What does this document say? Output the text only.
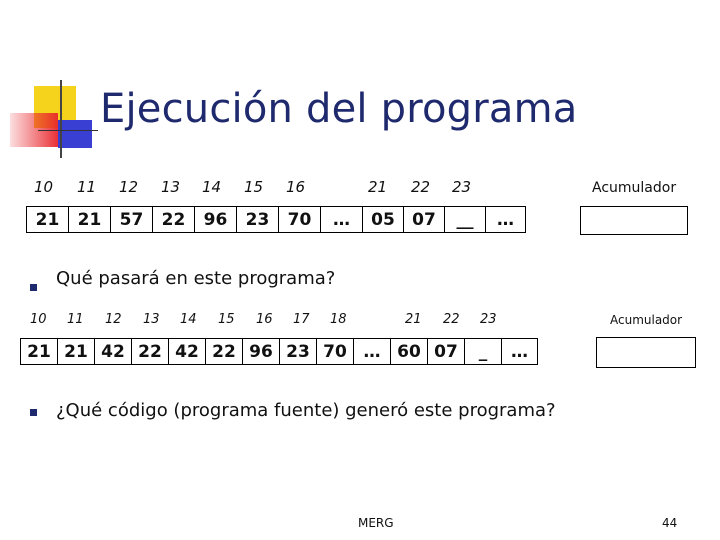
Ejecución del programa
10 11 12 13 14 15 16	21 22 23	Acumulador
21	21	57	22	96	23	70	…	05	07	__	…
Qué pasará en este programa?
10 11 12 13 14 15 16 17 18	21 22 23	Acumulador
21 21 42 22 42 22 96 23 70 … 60 07	_	…
¿Qué código (programa fuente) generó este programa?
MERG	44
